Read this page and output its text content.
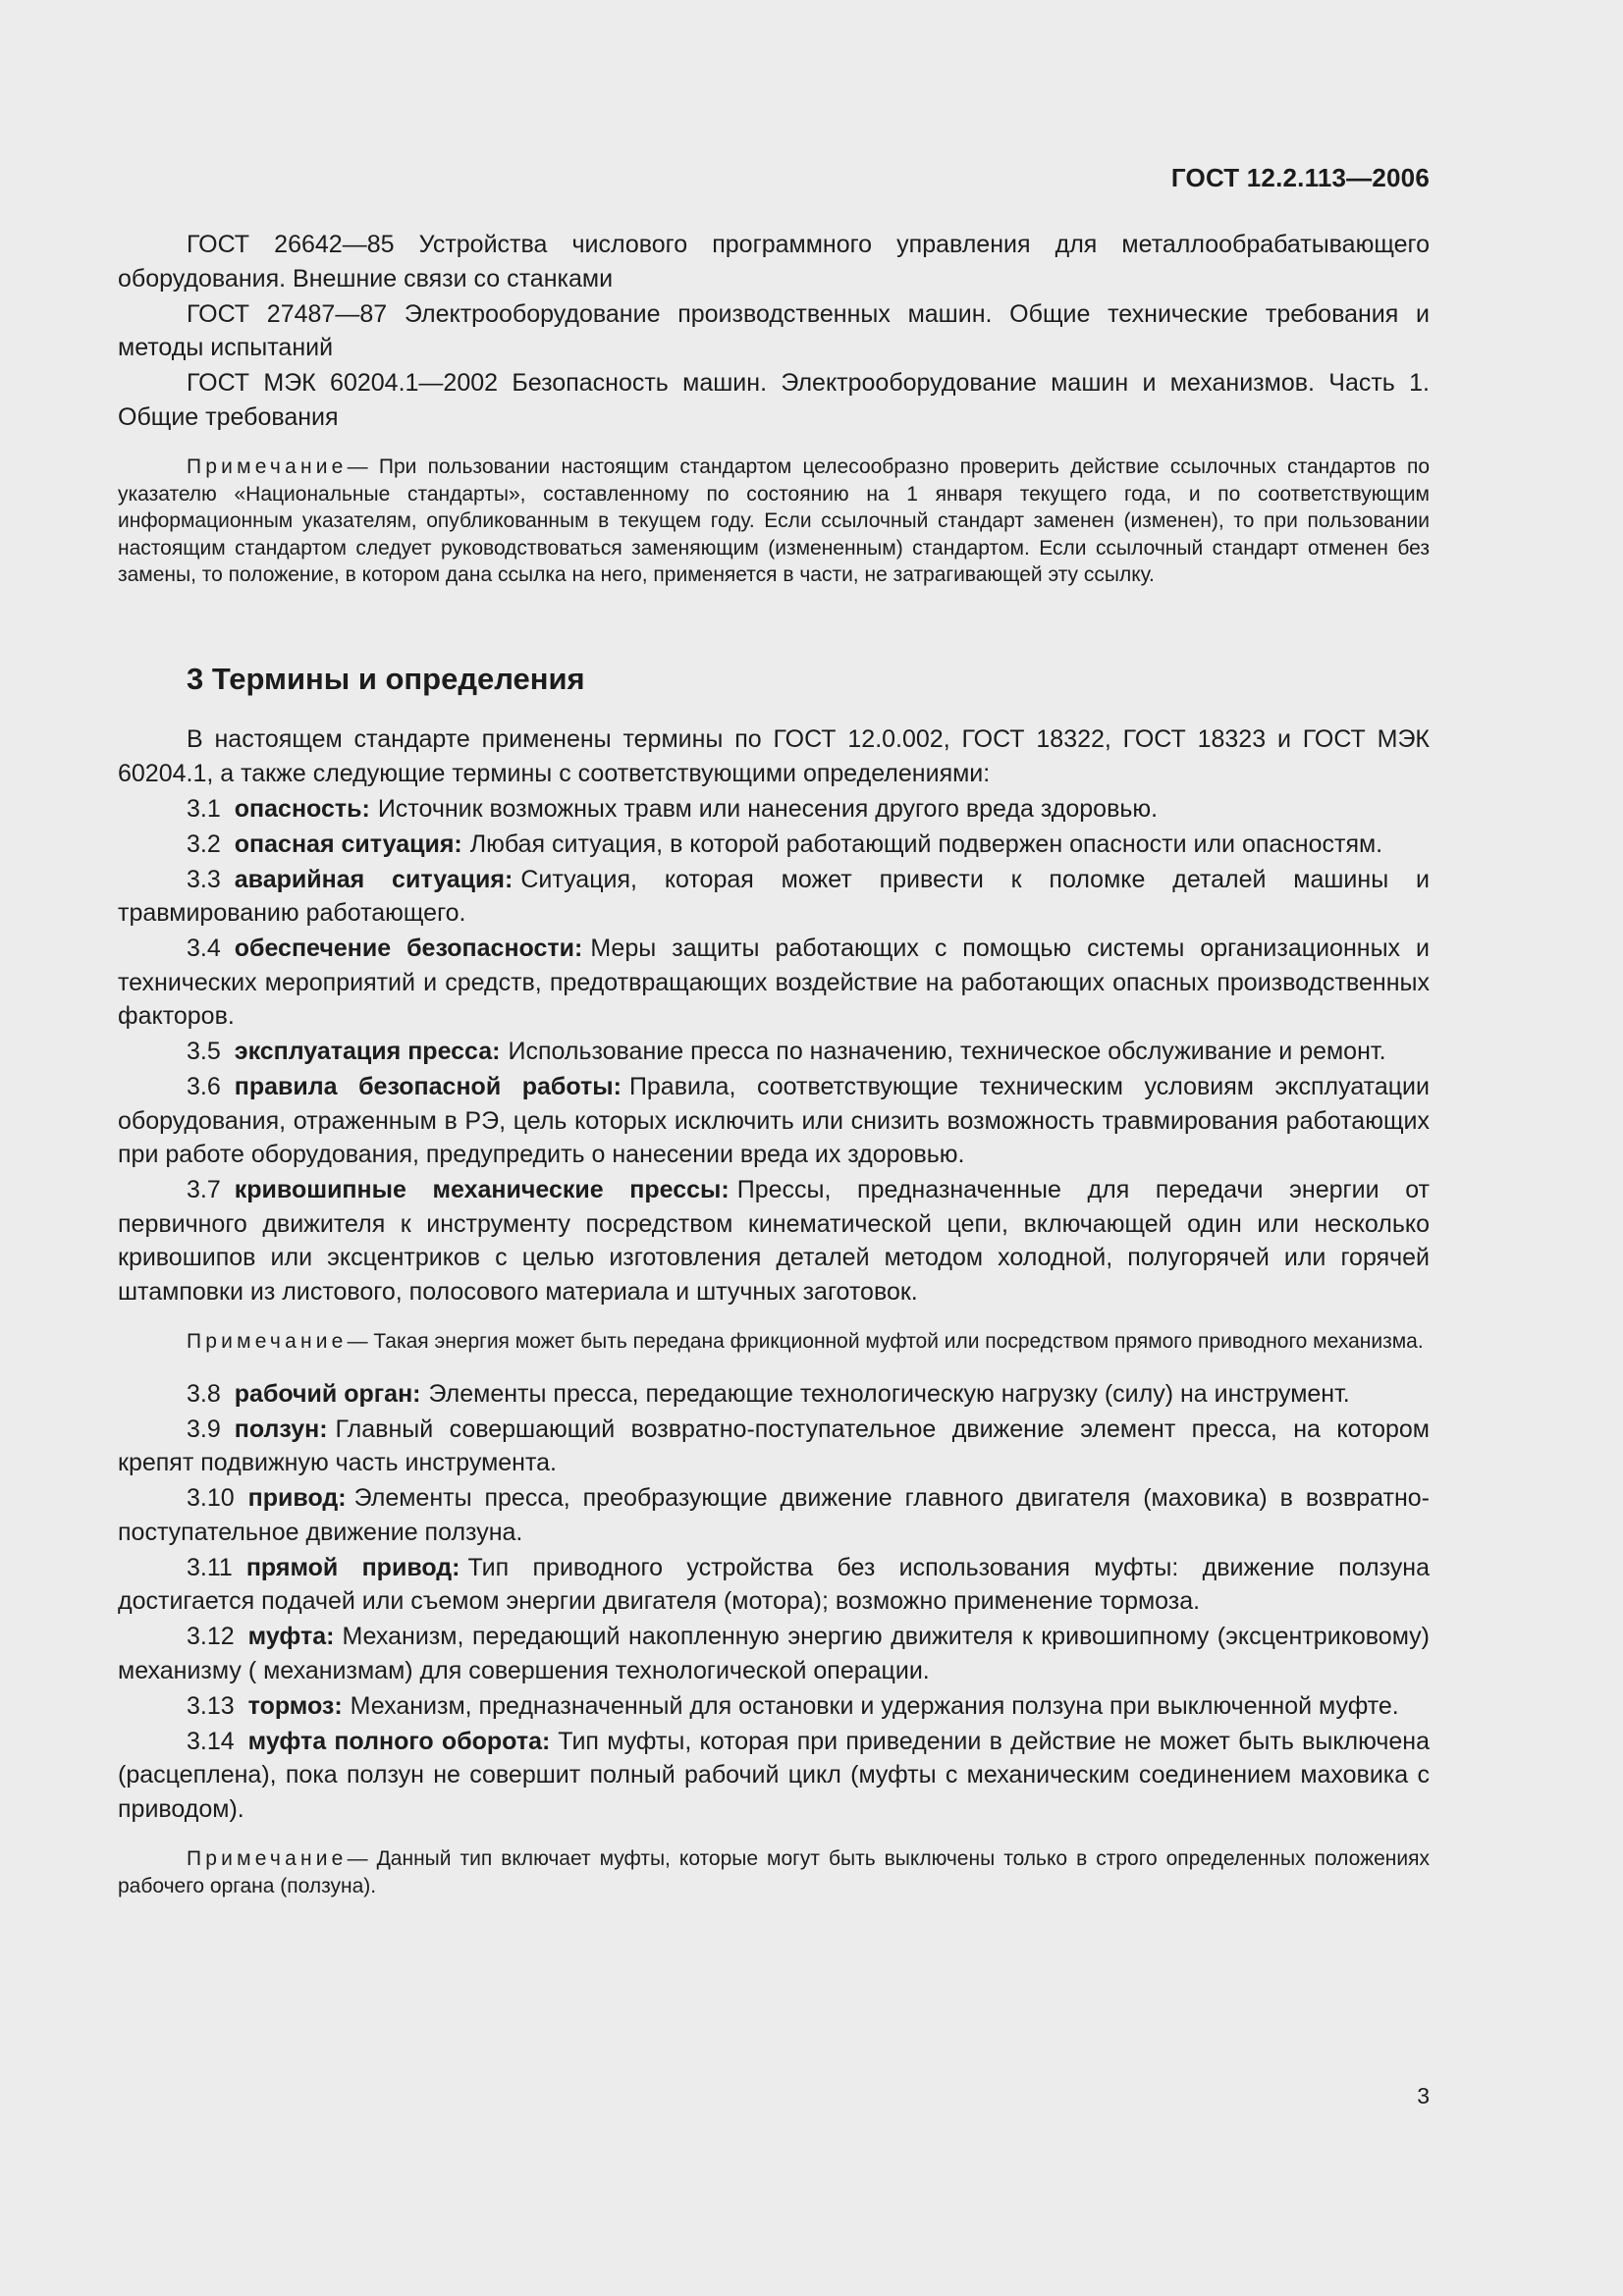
ГОСТ 12.2.113—2006

ГОСТ 26642—85 Устройства числового программного управления для металлообрабатывающего оборудования. Внешние связи со станками

ГОСТ 27487—87 Электрооборудование производственных машин. Общие технические требования и методы испытаний

ГОСТ МЭК 60204.1—2002 Безопасность машин. Электрооборудование машин и механизмов. Часть 1. Общие требования

Примечание— При пользовании настоящим стандартом целесообразно проверить действие ссылочных стандартов по указателю «Национальные стандарты», составленному по состоянию на 1 января текущего года, и по соответствующим информационным указателям, опубликованным в текущем году. Если ссылочный стандарт заменен (изменен), то при пользовании настоящим стандартом следует руководствоваться заменяющим (измененным) стандартом. Если ссылочный стандарт отменен без замены, то положение, в котором дана ссылка на него, применяется в части, не затрагивающей эту ссылку.

3 Термины и определения

В настоящем стандарте применены термины по ГОСТ 12.0.002, ГОСТ 18322, ГОСТ 18323 и ГОСТ МЭК 60204.1, а также следующие термины с соответствующими определениями:

3.1 опасность: Источник возможных травм или нанесения другого вреда здоровью.

3.2 опасная ситуация: Любая ситуация, в которой работающий подвержен опасности или опасностям.

3.3 аварийная ситуация: Ситуация, которая может привести к поломке деталей машины и травмированию работающего.

3.4 обеспечение безопасности: Меры защиты работающих с помощью системы организационных и технических мероприятий и средств, предотвращающих воздействие на работающих опасных производственных факторов.

3.5 эксплуатация пресса: Использование пресса по назначению, техническое обслуживание и ремонт.

3.6 правила безопасной работы: Правила, соответствующие техническим условиям эксплуатации оборудования, отраженным в РЭ, цель которых исключить или снизить возможность травмирования работающих при работе оборудования, предупредить о нанесении вреда их здоровью.

3.7 кривошипные механические прессы: Прессы, предназначенные для передачи энергии от первичного движителя к инструменту посредством кинематической цепи, включающей один или несколько кривошипов или эксцентриков с целью изготовления деталей методом холодной, полугорячей или горячей штамповки из листового, полосового материала и штучных заготовок.

Примечание— Такая энергия может быть передана фрикционной муфтой или посредством прямого приводного механизма.

3.8 рабочий орган: Элементы пресса, передающие технологическую нагрузку (силу) на инструмент.

3.9 ползун: Главный совершающий возвратно-поступательное движение элемент пресса, на котором крепят подвижную часть инструмента.

3.10 привод: Элементы пресса, преобразующие движение главного двигателя (маховика) в возвратно-поступательное движение ползуна.

3.11 прямой привод: Тип приводного устройства без использования муфты: движение ползуна достигается подачей или съемом энергии двигателя (мотора); возможно применение тормоза.

3.12 муфта: Механизм, передающий накопленную энергию движителя к кривошипному (эксцентриковому) механизму ( механизмам) для совершения технологической операции.

3.13 тормоз: Механизм, предназначенный для остановки и удержания ползуна при выключенной муфте.

3.14 муфта полного оборота: Тип муфты, которая при приведении в действие не может быть выключена (расцеплена), пока ползун не совершит полный рабочий цикл (муфты с механическим соединением маховика с приводом).

Примечание— Данный тип включает муфты, которые могут быть выключены только в строго определенных положениях рабочего органа (ползуна).

3
